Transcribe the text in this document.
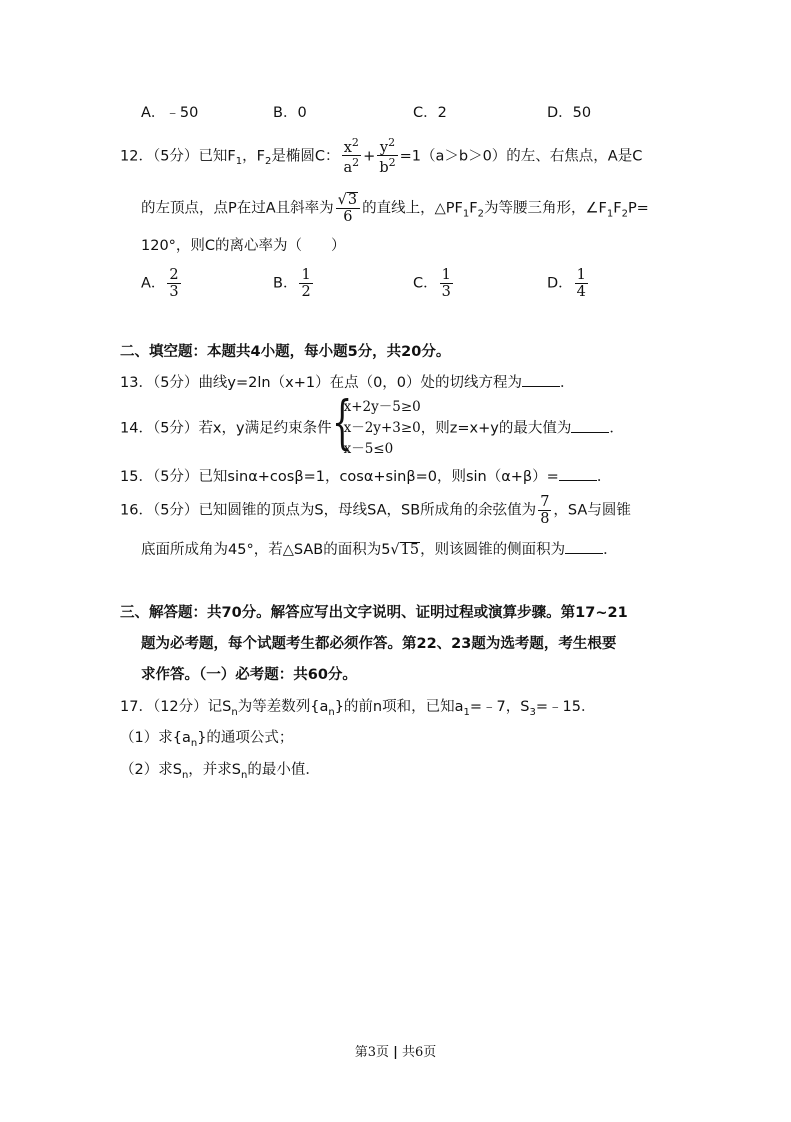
A．﹣50	B．0	C．2	D．50
12．（5分）已知$F_1$，$F_2$是椭圆C： $\frac{x^2}{a^2} + \frac{y^2}{b^2} =1(a>b>0)$的左、右焦点，A是C
的左顶点，点P在过A且斜率为 $\frac{√3}{6}$ 的直线上，$\triangle PF_1F_2$为等腰三角形，$\angle F_1F_2P=$
120°，则C的离心率为（　　）
A． $\frac{2}{3}$	B． $\frac{1}{2}$	C． $\frac{1}{3}$	D． $\frac{1}{4}$
二、填空题：本题共4小题，每小题5分，共20分。
13．（5分）曲线y=2ln（x+1）在点（0，0）处的切线方程为	．
14．（5分）若x，y满足约束条件 {
x+2y－5≥0
x－2y+3≥0
x－5≤0
，则z=x+y的最大值为	．
15．（5分）已知sinα+cosβ=1，cosα+sinβ=0，则sin（α+β）=	．
16．（5分）已知圆锥的顶点为S，母线SA，SB所成角的余弦值为 $\frac{7}{8}$ ，SA与圆锥
底面所成角为45°，若△SAB的面积为5√15，则该圆锥的侧面积为	．
三、解答题：共70分。解答应写出文字说明、证明过程或演算步骤。第17~21
题为必考题，每个试题考生都必须作答。第22、23题为选考题，考生根要
求作答。（一）必考题：共60分。
17．（12分）记$S_n$为等差数列$\{a_n\}$的前n项和，已知$a_1=﹣7$，$S_3=﹣15$．
（1）求$\{a_n\}$的通项公式；
（2）求$S_n$，并求$S_n$的最小值．
第3页 | 共6页
